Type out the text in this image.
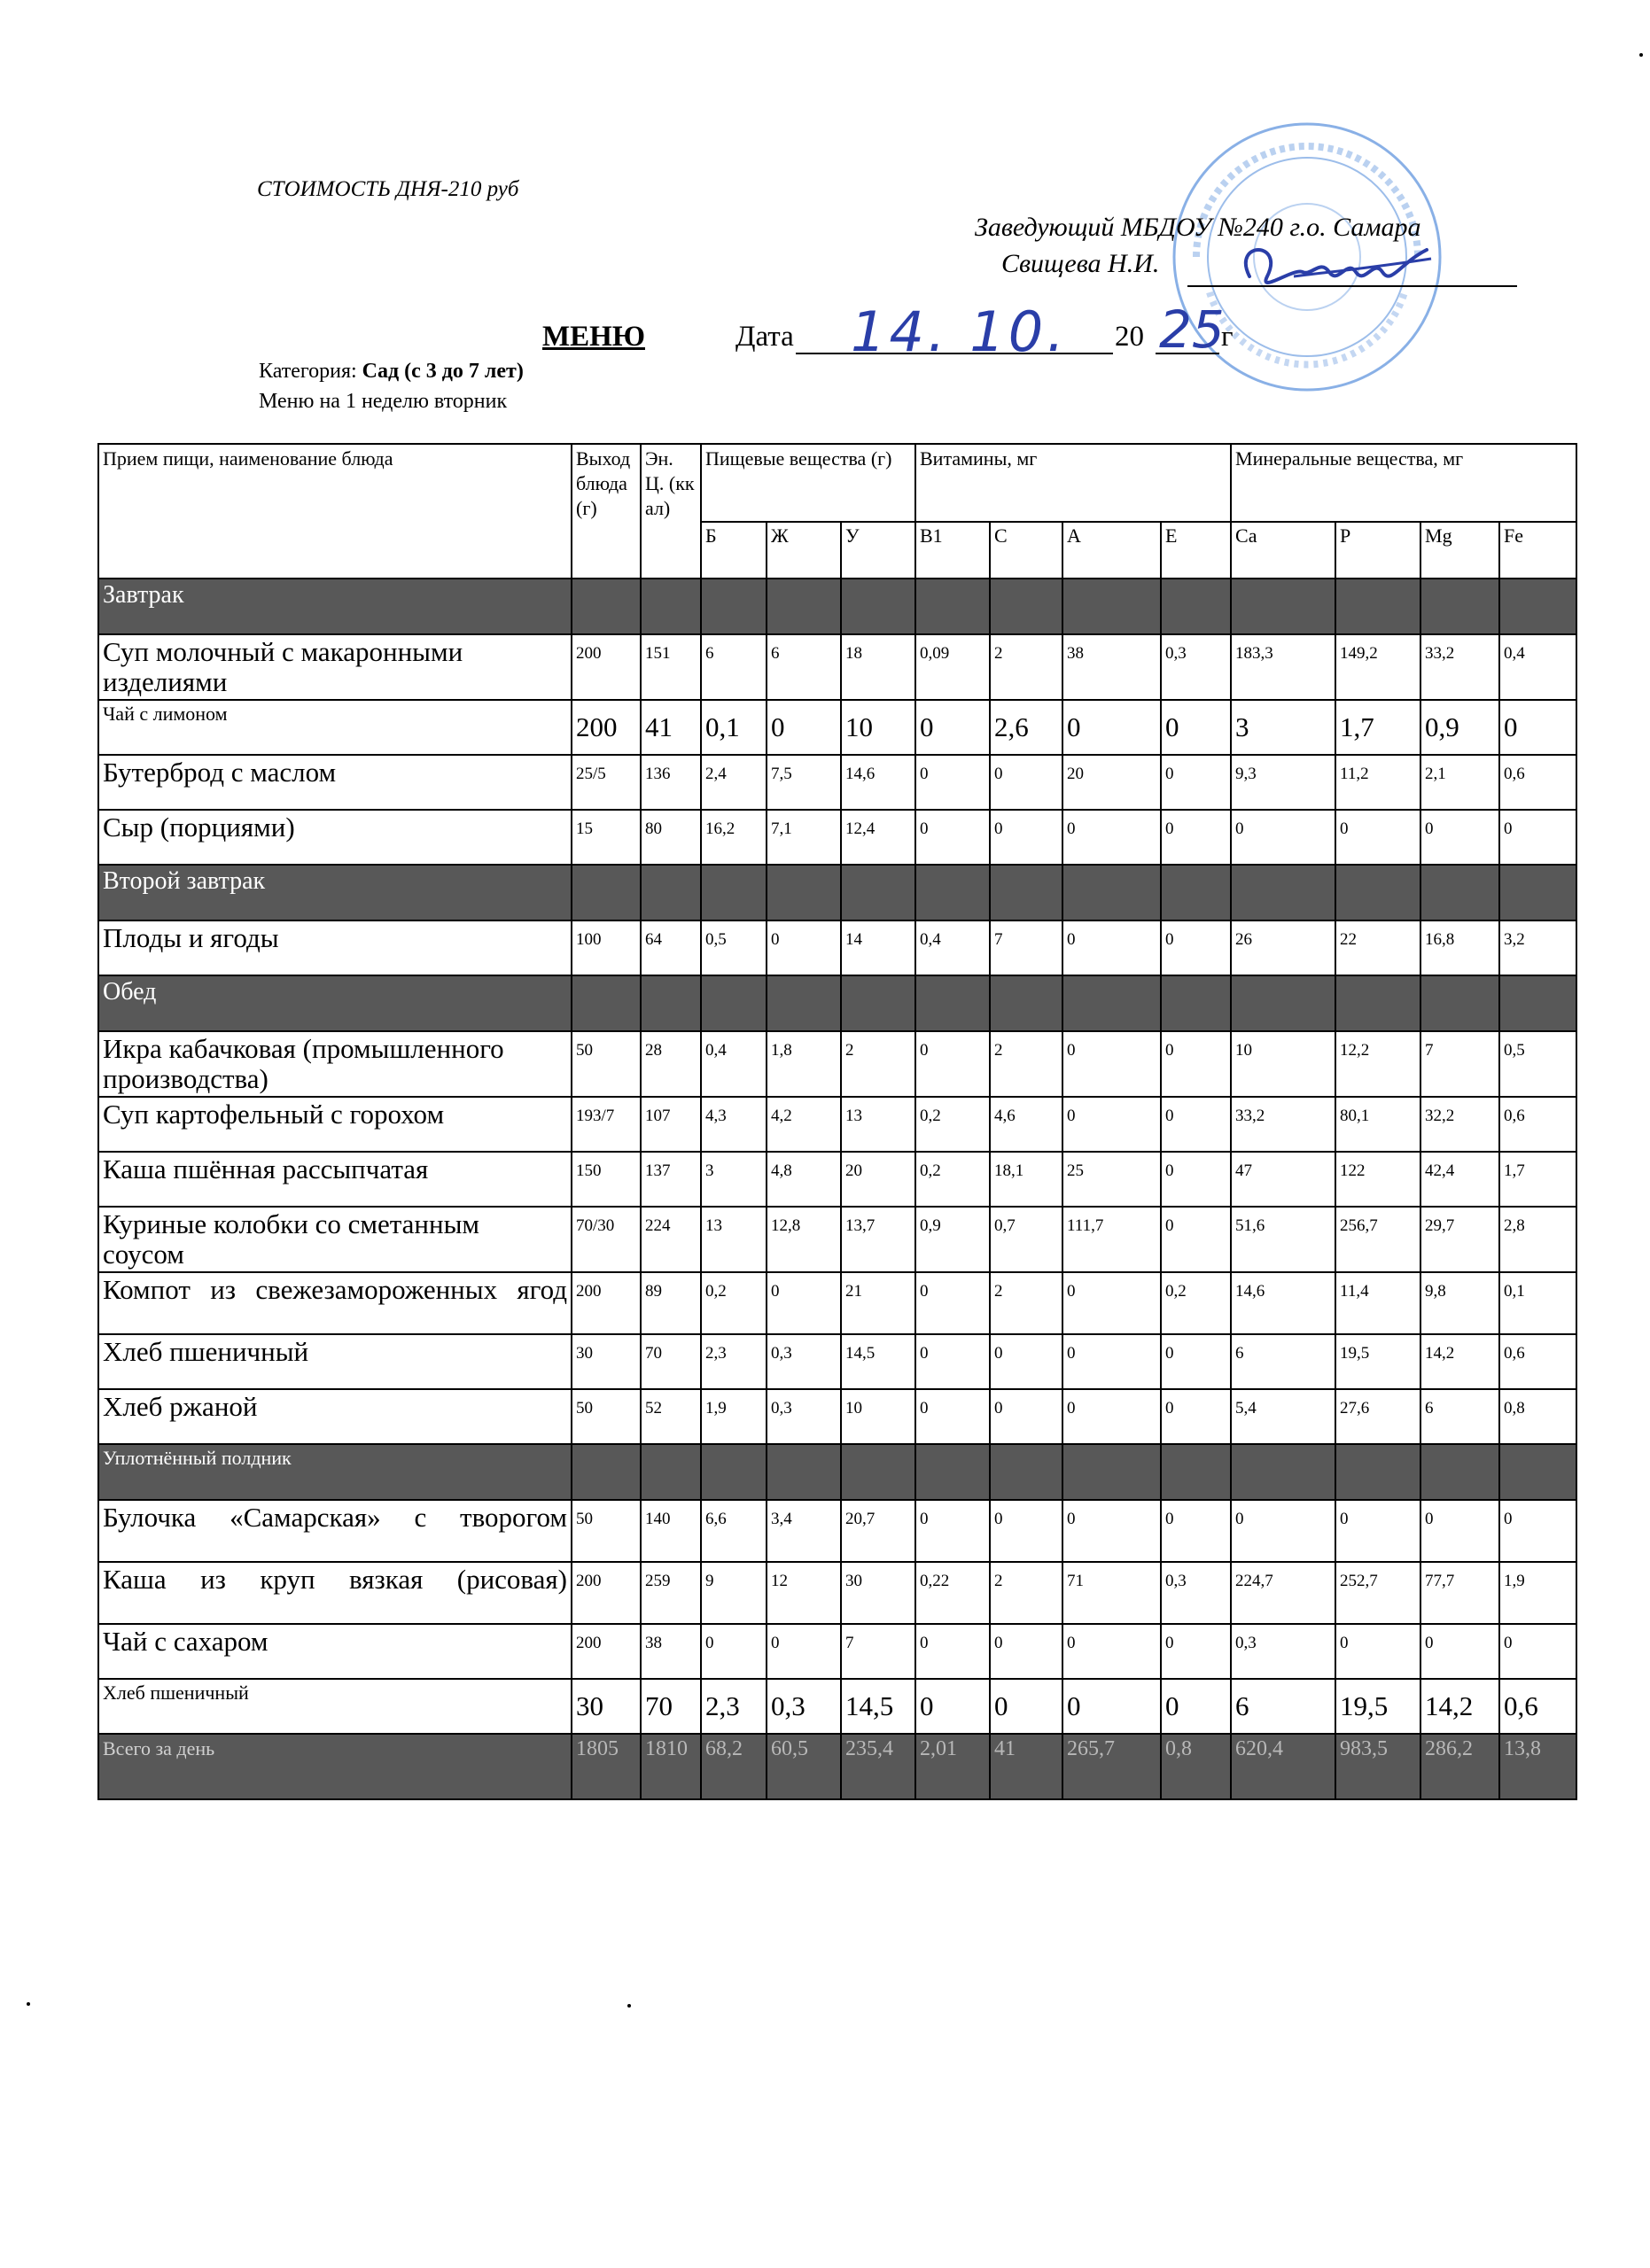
СТОИМОСТЬ ДНЯ-210 руб
Заведующий МБДОУ №240 г.о. Самара
Свищева Н.И.
МЕНЮ	Дата 14. 10. 20 25
г
Категория: Сад (с 3 до 7 лет)
Меню на 1 неделю вторник
Прием пищи, наименование блюда	Выход блюда (г)	Эн. Ц. (ккал)	Пищевые вещества (г)			Витамины, мг				Минеральные вещества, мг			
			Б	Ж	У	B1	C	A	E	Ca	P	Mg	Fe
Завтрак													
Суп молочный с макаронными изделиями	200	151	6	6	18	0,09	2	38	0,3	183,3	149,2	33,2	0,4
Чай с лимоном	200	41	0,1	0	10	0	2,6	0	0	3	1,7	0,9	0
Бутерброд с маслом	25/5	136	2,4	7,5	14,6	0	0	20	0	9,3	11,2	2,1	0,6
Сыр (порциями)	15	80	16,2	7,1	12,4	0	0	0	0	0	0	0	0
Второй завтрак													
Плоды и ягоды	100	64	0,5	0	14	0,4	7	0	0	26	22	16,8	3,2
Обед													
Икра кабачковая (промышленного производства)	50	28	0,4	1,8	2	0	2	0	0	10	12,2	7	0,5
Суп картофельный с горохом	193/7	107	4,3	4,2	13	0,2	4,6	0	0	33,2	80,1	32,2	0,6
Каша пшённая рассыпчатая	150	137	3	4,8	20	0,2	18,1	25	0	47	122	42,4	1,7
Куриные колобки со сметанным соусом	70/30	224	13	12,8	13,7	0,9	0,7	111,7	0	51,6	256,7	29,7	2,8
Компот из свежезамороженных ягод	200	89	0,2	0	21	0	2	0	0,2	14,6	11,4	9,8	0,1
Хлеб пшеничный	30	70	2,3	0,3	14,5	0	0	0	0	6	19,5	14,2	0,6
Хлеб ржаной	50	52	1,9	0,3	10	0	0	0	0	5,4	27,6	6	0,8
Уплотнённый полдник													
Булочка «Самарская» с творогом	50	140	6,6	3,4	20,7	0	0	0	0	0	0	0	0
Каша из круп вязкая (рисовая)	200	259	9	12	30	0,22	2	71	0,3	224,7	252,7	77,7	1,9
Чай с сахаром	200	38	0	0	7	0	0	0	0	0,3	0	0	0
Хлеб пшеничный	30	70	2,3	0,3	14,5	0	0	0	0	6	19,5	14,2	0,6
Всего за день	1805	1810	68,2	60,5	235,4	2,01	41	265,7	0,8	620,4	983,5	286,2	13,8
